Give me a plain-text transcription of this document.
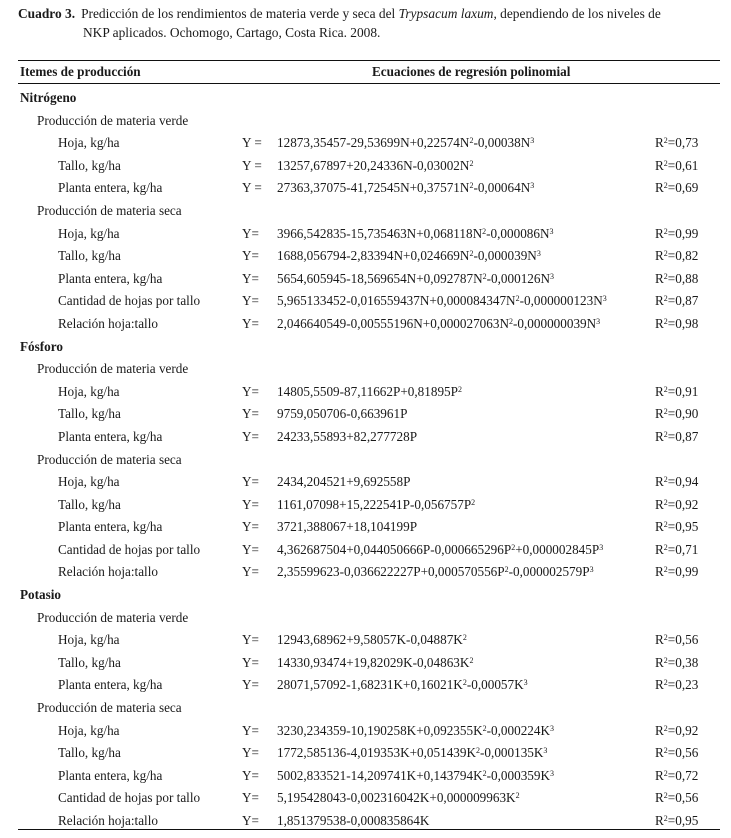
Cuadro 3. Predicción de los rendimientos de materia verde y seca del Trypsacum laxum, dependiendo de los niveles de
NKP aplicados. Ochomogo, Cartago, Costa Rica. 2008.
Itemes de producción	Ecuaciones de regresión polinomial
Nitrógeno
Producción de materia verde
Hoja, kg/ha	$Y = 12873,35457-29,53699N+0,22574N^2-0,00038N^3$	$R^2=0,73$
Tallo, kg/ha	$Y = 13257,67897+20,24336N-0,03002N^2$	$R^2=0,61$
Planta entera, kg/ha	$Y = 27363,37075-41,72545N+0,37571N^2-0,00064N^3$	$R^2=0,69$
Producción de materia seca
Hoja, kg/ha	$Y= 3966,542835-15,735463N+0,068118N^2-0,000086N^3$	$R^2=0,99$
Tallo, kg/ha	$Y= 1688,056794-2,83394N+0,024669N^2-0,000039N^3$	$R^2=0,82$
Planta entera, kg/ha	$Y= 5654,605945-18,569654N+0,092787N^2-0,000126N^3$	$R^2=0,88$
Cantidad de hojas por tallo	$Y= 5,965133452-0,016559437N+0,000084347N^2-0,000000123N^3$	$R^2=0,87$
Relación hoja:tallo	$Y= 2,046640549-0,00555196N+0,000027063N^2-0,000000039N^3$	$R^2=0,98$
Fósforo
Producción de materia verde
Hoja, kg/ha	$Y= 14805,5509-87,11662P+0,81895P^2$	$R^2=0,91$
Tallo, kg/ha	Y= 9759,050706-0,663961P	$R^2=0,90$
Planta entera, kg/ha	Y= 24233,55893+82,277728P	$R^2=0,87$
Producción de materia seca
Hoja, kg/ha	Y= 2434,204521+9,692558P	$R^2=0,94$
Tallo, kg/ha	$Y= 1161,07098+15,222541P-0,056757P^2$	$R^2=0,92$
Planta entera, kg/ha	Y= 3721,388067+18,104199P	$R^2=0,95$
Cantidad de hojas por tallo	$Y= 4,362687504+0,044050666P-0,000665296P^2+0,000002845P^3$	$R^2=0,71$
Relación hoja:tallo	$Y= 2,35599623-0,036622227P+0,000570556P^2-0,000002579P^3$	$R^2=0,99$
Potasio
Producción de materia verde
Hoja, kg/ha	$Y= 12943,68962+9,58057K-0,04887K^2$	$R^2=0,56$
Tallo, kg/ha	$Y= 14330,93474+19,82029K-0,04863K^2$	$R^2=0,38$
Planta entera, kg/ha	$Y= 28071,57092-1,68231K+0,16021K^2-0,00057K^3$	$R^2=0,23$
Producción de materia seca
Hoja, kg/ha	$Y= 3230,234359-10,190258K+0,092355K^2-0,000224K^3$	$R^2=0,92$
Tallo, kg/ha	$Y= 1772,585136-4,019353K+0,051439K^2-0,000135K^3$	$R^2=0,56$
Planta entera, kg/ha	$Y= 5002,833521-14,209741K+0,143794K^2-0,000359K^3$	$R^2=0,72$
Cantidad de hojas por tallo	$Y= 5,195428043-0,002316042K+0,000009963K^2$	$R^2=0,56$
Relación hoja:tallo	Y= 1,851379538-0,000835864K	$R^2=0,95$
